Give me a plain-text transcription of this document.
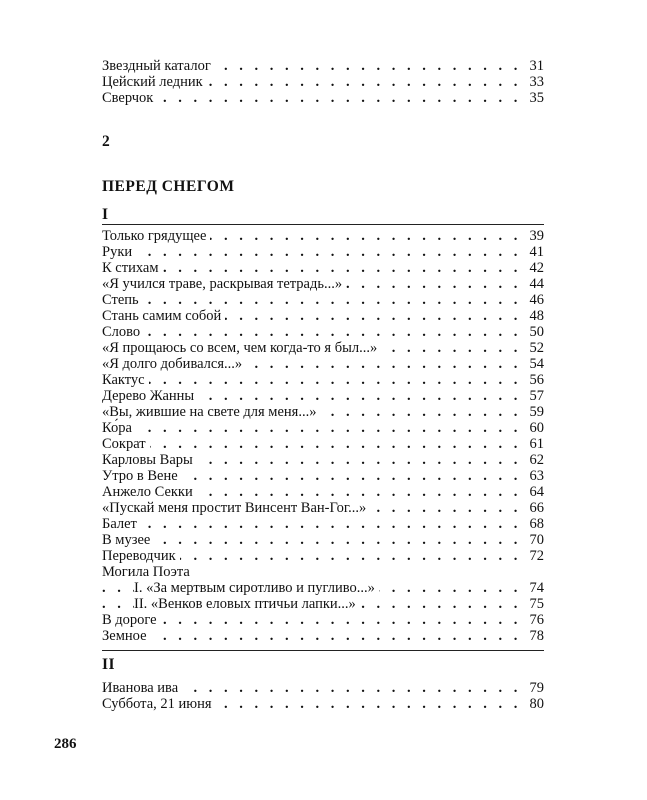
. . .
Звездный каталог	31
. . .
Цейский ледник	33
. . .
Сверчок	35
2
ПЕРЕД СНЕГОМ
I
. . .
Только грядущее	39
. . .
Руки	41
. . .
К стихам	42
. . .
«Я учился траве, раскрывая тетрадь...»	44
. . .
Степь	46
. . .
Стань самим собой	48
. . .
Слово	50
. . .
«Я прощаюсь со всем, чем когда-то я был...»	52
. . .
«Я долго добивался...»	54
. . .
Кактус	56
. . .
Дерево Жанны	57
. . .
«Вы, жившие на свете для меня...»	59
. . .
Ко́ра	60
. . .
Сократ	61
. . .
Карловы Вары	62
. . .
Утро в Вене	63
. . .
Анжело Секки	64
. . .
«Пускай меня простит Винсент Ван-Гог...»	66
. . .
Балет	68
. . .
В музее	70
. . .
Переводчик	72
Могила Поэта
. . .
I. «За мертвым сиротливо и пугливо...»	74
. . .
II. «Венков еловых птичьи лапки...»	75
. . .
В дороге	76
. . .
Земное	78
II
. . .
Иванова ива	79
. . .
Суббота, 21 июня	80
286
